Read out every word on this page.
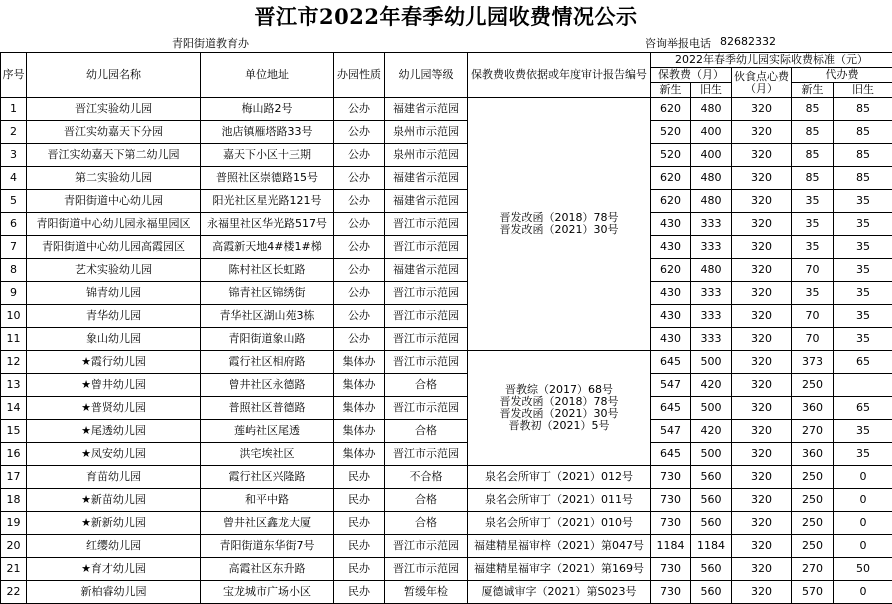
晋江市2022年春季幼儿园收费情况公示
青阳街道教育办	咨询举报电话 82682332
序号	幼儿园名称	单位地址	办园性质	幼儿园等级	保教费收费依据或年度审计报告编号	2022年春季幼儿园实际收费标准（元）				
						保教费（月）		伙食点心费（月）	代办费	
						新生	旧生		新生	旧生
1	晋江实验幼儿园	梅山路2号	公办	福建省示范园	晋发改函（2018）78号
晋发改函（2021）30号	620	480	320	85	85
2	晋江实幼嘉天下分园	池店镇雁塔路33号	公办	泉州市示范园		520	400	320	85	85
3	晋江实幼嘉天下第二幼儿园	嘉天下小区十三期	公办	泉州市示范园		520	400	320	85	85
4	第二实验幼儿园	普照社区崇德路15号	公办	福建省示范园		620	480	320	85	85
5	青阳街道中心幼儿园	阳光社区星光路121号	公办	福建省示范园		620	480	320	35	35
6	青阳街道中心幼儿园永福里园区	永福里社区华光路517号	公办	晋江市示范园		430	333	320	35	35
7	青阳街道中心幼儿园高霞园区	高霞新天地4#楼1#梯	公办	晋江市示范园		430	333	320	35	35
8	艺术实验幼儿园	陈村社区长虹路	公办	福建省示范园		620	480	320	70	35
9	锦青幼儿园	锦青社区锦绣街	公办	晋江市示范园		430	333	320	35	35
10	青华幼儿园	青华社区湖山苑3栋	公办	晋江市示范园		430	333	320	70	35
11	象山幼儿园	青阳街道象山路	公办	晋江市示范园		430	333	320	70	35
12	★霞行幼儿园	霞行社区相府路	集体办	晋江市示范园	晋教综（2017）68号
晋发改函（2018）78号
晋发改函（2021）30号
晋教初（2021）5号	645	500	320	373	65
13	★曾井幼儿园	曾井社区永德路	集体办	合格		547	420	320	250	
14	★普贤幼儿园	普照社区普德路	集体办	晋江市示范园		645	500	320	360	65
15	★尾透幼儿园	莲屿社区尾透	集体办	合格		547	420	320	270	35
16	★凤安幼儿园	洪宅埃社区	集体办	晋江市示范园		645	500	320	360	35
17	育苗幼儿园	霞行社区兴隆路	民办	不合格	泉名会所审丁（2021）012号	730	560	320	250	0
18	★新苗幼儿园	和平中路	民办	合格	泉名会所审丁（2021）011号	730	560	320	250	0
19	★新新幼儿园	曾井社区鑫龙大厦	民办	合格	泉名会所审丁（2021）010号	730	560	320	250	0
20	红缨幼儿园	青阳街道东华街7号	民办	晋江市示范园	福建精星福审梓（2021）第047号	1184	1184	320	250	0
21	★育才幼儿园	高霞社区东升路	民办	晋江市示范园	福建精星福审字（2021）第169号	730	560	320	270	50
22	新柏睿幼儿园	宝龙城市广场小区	民办	暂缓年检	厦德诚审字（2021）第S023号	730	560	320	570	0
